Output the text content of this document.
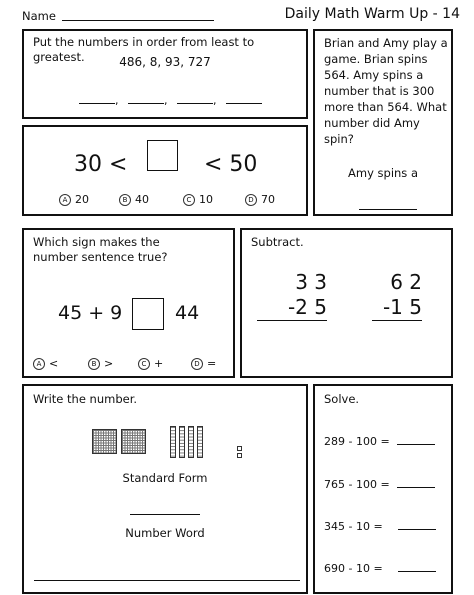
Name	Daily Math Warm Up - 14
Put the numbers in order from least to greatest.	486, 8, 93, 727
,	,	,
30 <	< 50
A 20	B 40	C 10	D 70
Brian and Amy play a game. Brian spins 564. Amy spins a number that is 300 more than 564. What number did Amy spin?
Amy spins a
Which sign makes the number sentence true?
45 + 9	44
A <	B >	C +	D =
Subtract.
3 3
-2 5
6 2
-1 5
Write the number.
Standard Form
Number Word
Solve.
289 - 100 =
765 - 100 =
345 - 10 =
690 - 10 =
